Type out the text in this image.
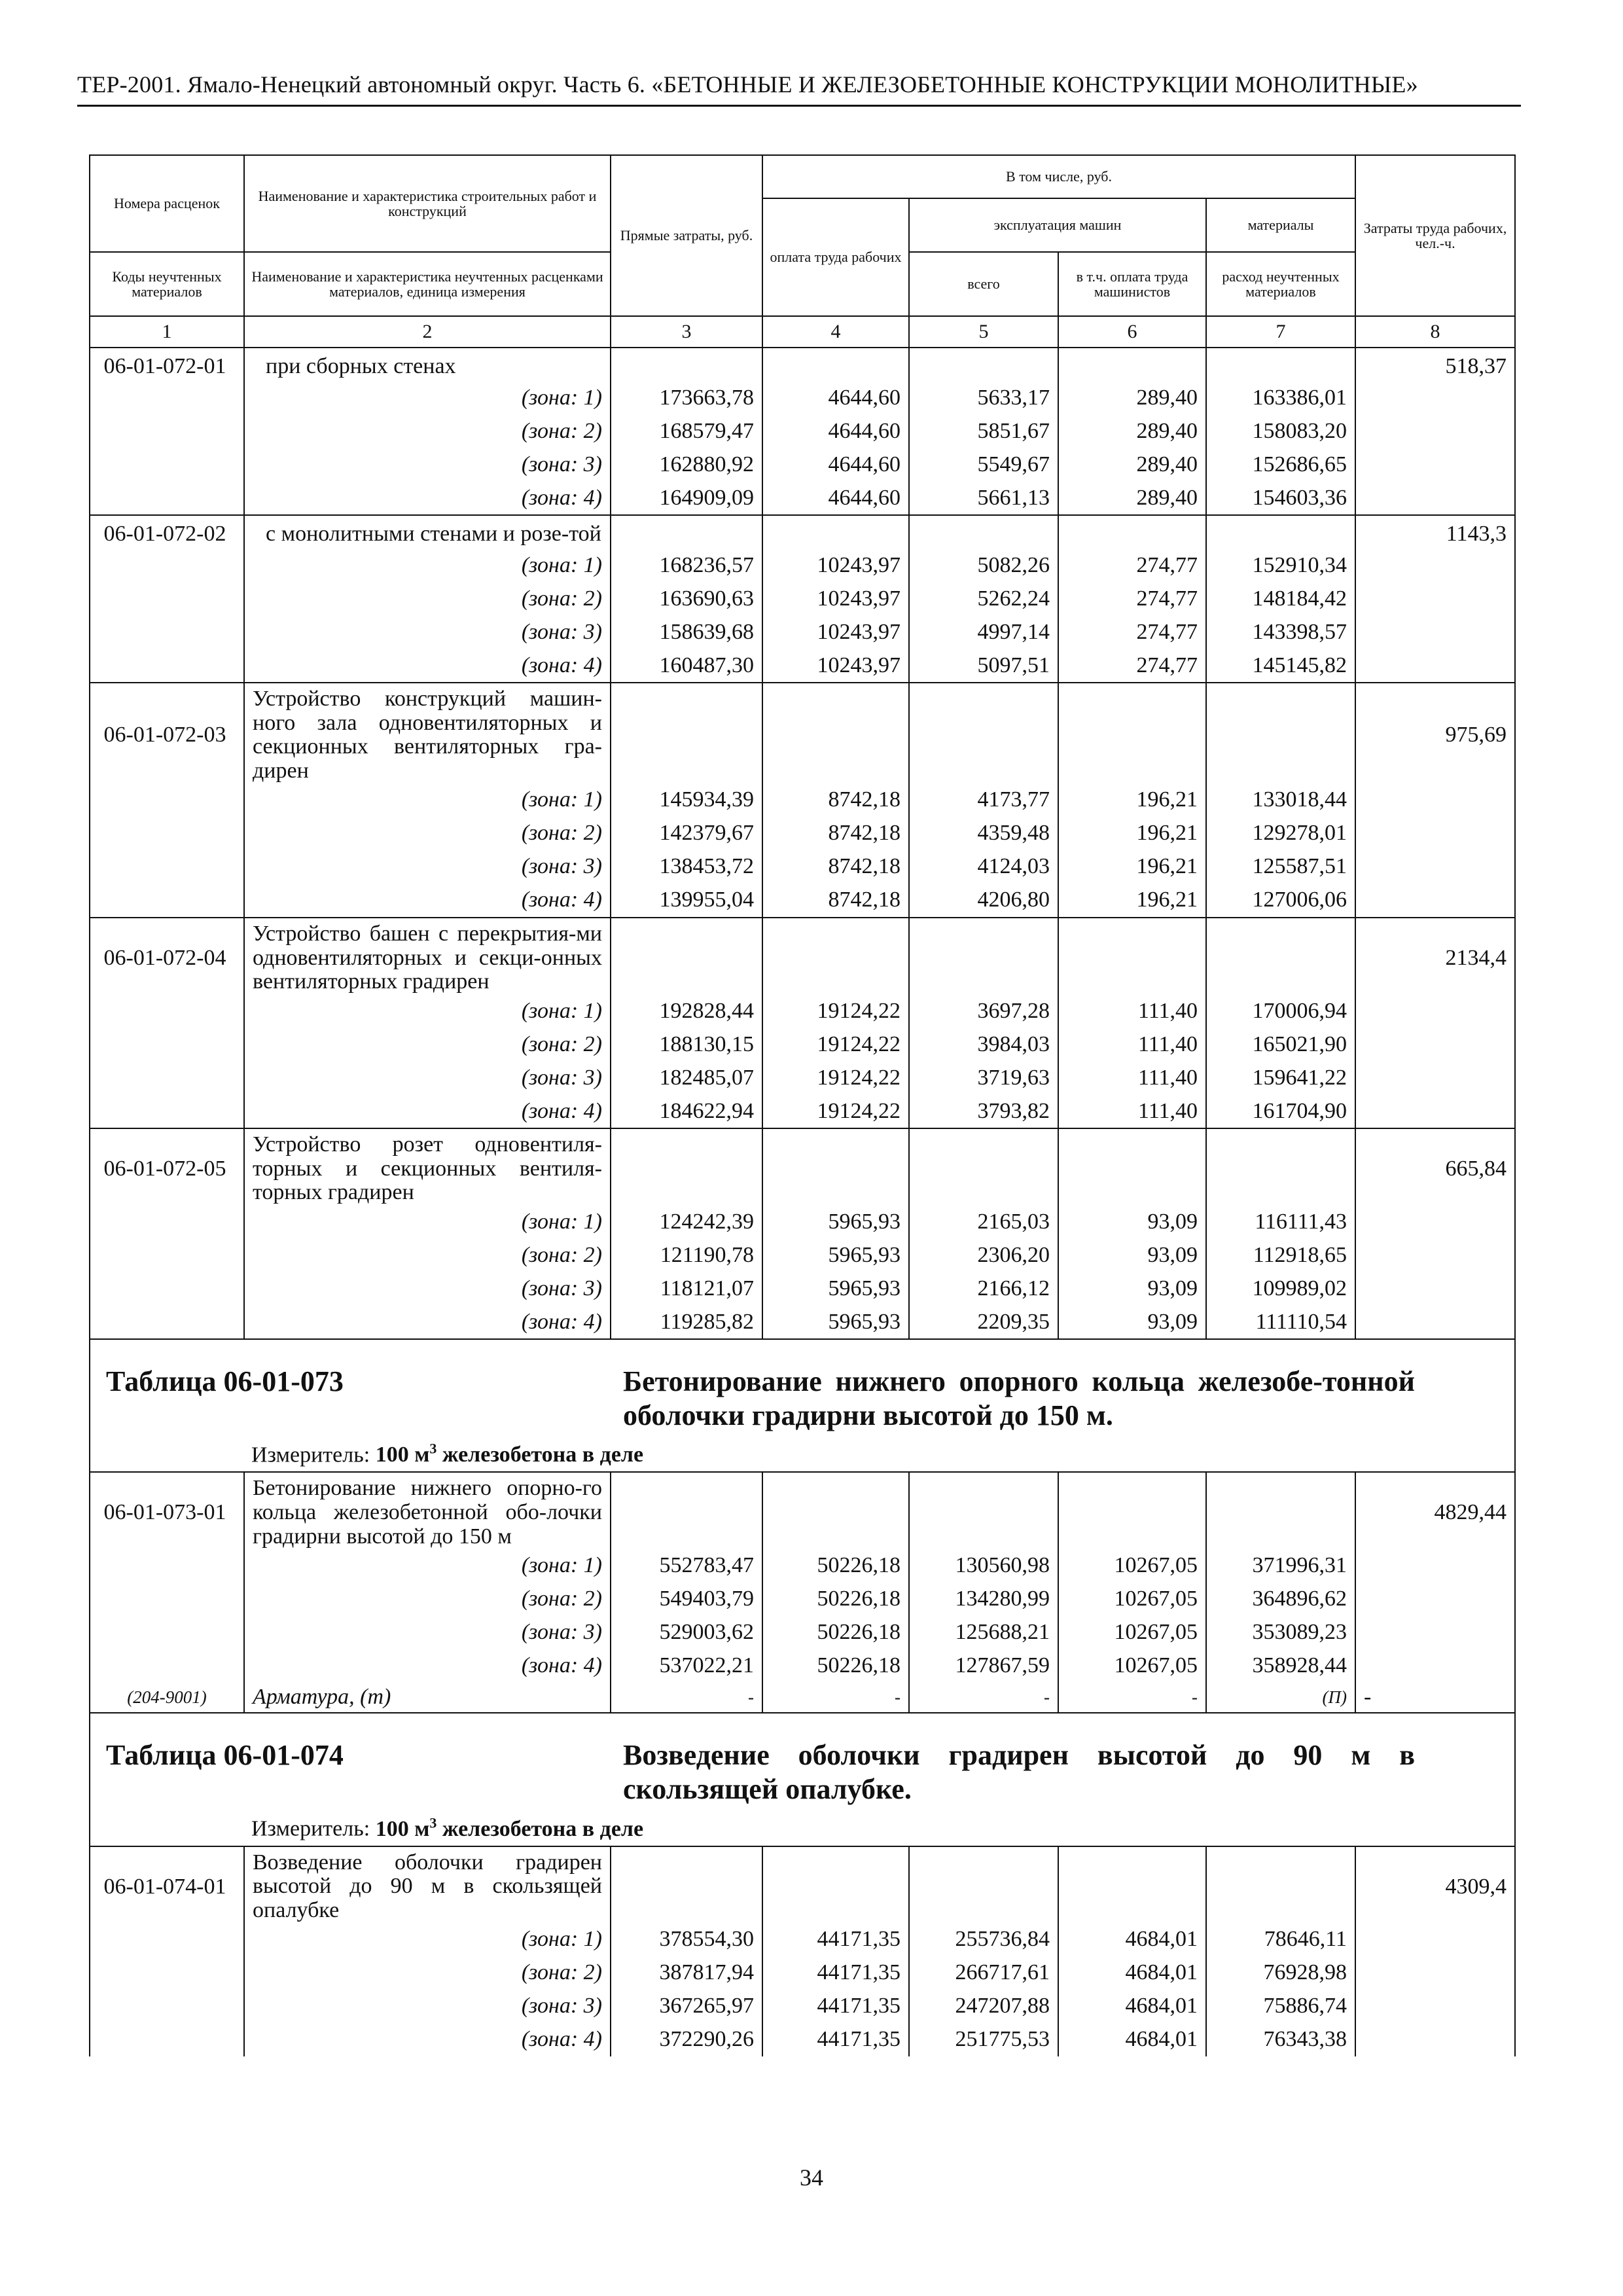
ТЕР-2001. Ямало-Ненецкий автономный округ. Часть 6. «БЕТОННЫЕ И ЖЕЛЕЗОБЕТОННЫЕ КОНСТРУКЦИИ МОНОЛИТНЫЕ»
Номера расценок	Наименование и характеристика строительных работ и конструкций	Прямые затраты, руб.	В том числе, руб.				Затраты труда рабочих, чел.-ч.
			оплата труда рабочих	эксплуатация машин		материалы	
Коды неучтенных материалов	Наименование и характеристика неучтенных расценками материалов, единица измерения			всего	в т.ч. оплата труда машинистов	расход неучтенных материалов	
1	2	3	4	5	6	7	8
06-01-072-01	при сборных стенах						518,37
	(зона: 1)	173663,78	4644,60	5633,17	289,40	163386,01	
	(зона: 2)	168579,47	4644,60	5851,67	289,40	158083,20	
	(зона: 3)	162880,92	4644,60	5549,67	289,40	152686,65	
	(зона: 4)	164909,09	4644,60	5661,13	289,40	154603,36	
06-01-072-02	с монолитными стенами и розе-той						1143,3
	(зона: 1)	168236,57	10243,97	5082,26	274,77	152910,34	
	(зона: 2)	163690,63	10243,97	5262,24	274,77	148184,42	
	(зона: 3)	158639,68	10243,97	4997,14	274,77	143398,57	
	(зона: 4)	160487,30	10243,97	5097,51	274,77	145145,82	
06-01-072-03	Устройство конструкций машин-ного зала одновентиляторных и секционных вентиляторных гра-дирен						975,69
	(зона: 1)	145934,39	8742,18	4173,77	196,21	133018,44	
	(зона: 2)	142379,67	8742,18	4359,48	196,21	129278,01	
	(зона: 3)	138453,72	8742,18	4124,03	196,21	125587,51	
	(зона: 4)	139955,04	8742,18	4206,80	196,21	127006,06	
06-01-072-04	Устройство башен с перекрытия-ми одновентиляторных и секци-онных вентиляторных градирен						2134,4
	(зона: 1)	192828,44	19124,22	3697,28	111,40	170006,94	
	(зона: 2)	188130,15	19124,22	3984,03	111,40	165021,90	
	(зона: 3)	182485,07	19124,22	3719,63	111,40	159641,22	
	(зона: 4)	184622,94	19124,22	3793,82	111,40	161704,90	
06-01-072-05	Устройство розет одновентиля-торных и секционных вентиля-торных градирен						665,84
	(зона: 1)	124242,39	5965,93	2165,03	93,09	116111,43	
	(зона: 2)	121190,78	5965,93	2306,20	93,09	112918,65	
	(зона: 3)	118121,07	5965,93	2166,12	93,09	109989,02	
	(зона: 4)	119285,82	5965,93	2209,35	93,09	111110,54	

Таблица 06-01-073 Бетонирование нижнего опорного кольца железобе-тонной оболочки градирни высотой до 150 м.
Измеритель: 100 $м^3$ железобетона в деле							

06-01-073-01	Бетонирование нижнего опорно-го кольца железобетонной обо-лочки градирни высотой до 150 м						4829,44
	(зона: 1)	552783,47	50226,18	130560,98	10267,05	371996,31	
	(зона: 2)	549403,79	50226,18	134280,99	10267,05	364896,62	
	(зона: 3)	529003,62	50226,18	125688,21	10267,05	353089,23	
	(зона: 4)	537022,21	50226,18	127867,59	10267,05	358928,44	
(204-9001)	Арматура, (т)	-	-	-	-	(П)	-

Таблица 06-01-074 Возведение оболочки градирен высотой до 90 м в скользящей опалубке.
Измеритель: 100 $м^3$ железобетона в деле							

06-01-074-01	Возведение оболочки градирен высотой до 90 м в скользящей опалубке						4309,4
	(зона: 1)	378554,30	44171,35	255736,84	4684,01	78646,11	
	(зона: 2)	387817,94	44171,35	266717,61	4684,01	76928,98	
	(зона: 3)	367265,97	44171,35	247207,88	4684,01	75886,74	
	(зона: 4)	372290,26	44171,35	251775,53	4684,01	76343,38	
34
